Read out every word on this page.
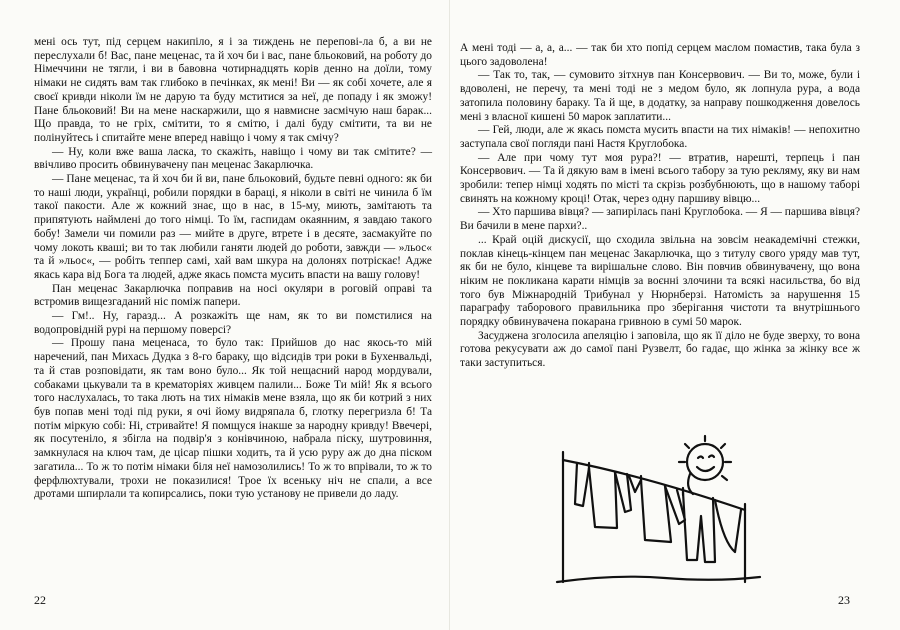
мені ось тут, під серцем накипіло, я і за тиждень не перепові-ла б, а ви не переслухали б! Вас, пане меценас, та й хоч би і вас, пане бльоковий, на роботу до Німеччини не тягли, і ви в бавовна чотирнадцять корів денно на доїли, тому німаки не сидять вам так глибоко в печінках, як мені! Ви — як собі хочете, але я своєї кривди ніколи їм не дарую та буду мститися за неї, де попаду і як зможу! Пане бльоковий! Ви на мене наскаржили, що я навмисне засмічую наш барак... Що правда, то не гріх, смітити, то я смітю, і далі буду смітити, та ви не полінуйтесь і спитайте мене вперед навіщо і чому я так смічу?

— Ну, коли вже ваша ласка, то скажіть, навіщо і чому ви так смітите? — ввічливо просить обвинувачену пан меценас Закарлючка.

— Пане меценас, та й хоч би й ви, пане бльоковий, будьте певні одного: як би то наші люди, українці, робили порядки в бараці, я ніколи в світі не чинила б їм такої пакости. Але ж кожний знає, що в нас, в 15-му, миють, замітають та припятують наймлені до того німці. То їм, гаспидам окаянним, я завдаю такого бобу! Замели чи помили раз — мийте в друге, втрете і в десяте, засмакуйте по чому локоть кваші; ви то так любили ганяти людей до роботи, завжди — »льос« та й »льос«, — робіть теппер самі, хай вам шкура на долонях потріскає! Адже якась кара від Бога та людей, адже якась помста мусить впасти на вашу голову!

Пан меценас Закарлючка поправив на носі окуляри в роговій оправі та встромив вищезгаданий ніс поміж папери.

— Гм!.. Ну, гаразд... А розкажіть ще нам, як то ви помстилися на водопровідній рурі на першому поверсі?

— Прошу пана меценаса, то було так: Прийшов до нас якось-то мій наречений, пан Михась Дудка з 8-го бараку, що відсидів три роки в Бухенвальді, та й став розповідати, як там воно було... Як той нещасний народ мордували, собаками цькували та в крематоріях живцем палили... Боже Ти мій! Як я всього того наслухалась, то така лють на тих німаків мене взяла, що як би котрий з них був попав мені тоді під руки, я очі йому видряпала б, глотку перегризла б! Та потім міркую собі: Ні, стривайте! Я помщуся інакше за народну кривду! Ввечері, як посутеніло, я збігла на подвір'я з конівчиною, набрала піску, шутровиння, замкнулася на ключ там, де цісар пішки ходить, та й усю руру аж до дна піском загатила... То ж то потім німаки біля неї намозолились! То ж то впрівали, то ж то ферфлюхтували, трохи не показилися! Трое їх всеньку ніч не спали, а все дротами шпирлали та копирсались, поки тую установу не привели до ладу.

22

А мені тоді — а, а, а... — так би хто попід серцем маслом помастив, така була з цього задоволена!

— Так то, так, — сумовито зітхнув пан Консервович. — Ви то, може, були і вдоволені, не перечу, та мені тоді не з медом було, як лопнула рура, а вода затопила половину бараку. Та й ще, в додатку, за направу пошкодження довелось мені з власної кишені 50 марок заплатити...

— Гей, люди, але ж якась помста мусить впасти на тих німаків! — непохитно заступала свої погляди пані Настя Круглобока.

— Але при чому тут моя рура?! — втратив, нарешті, терпець і пан Консервович. — Та й дякую вам в імені всього табору за тую рекляму, яку ви нам зробили: тепер німці ходять по місті та скрізь розбубнюють, що в нашому таборі свинять на кожному кроці! Отак, через одну паршиву вівцю...

— Хто паршива вівця? — запирілась пані Круглобока. — Я — паршива вівця? Ви бачили в мене пархи?..

... Край оцій дискусії, що сходила звільна на зовсім неакадемічні стежки, поклав кінець-кінцем пан меценас Закарлючка, що з титулу свого уряду мав тут, як би не було, кінцеве та вирішальне слово. Він повчив обвинувачену, що вона ніким не покликана карати німців за воєнні злочини та всякі насильства, бо від того був Міжнародній Трибунал у Нюрнберзі. Натомість за нарушення 15 параграфу таборового правильника про зберігання чистоти та внутрішнього порядку обвинувачена покарана гривною в сумі 50 марок.

Засуджена зголосила апеляцію і заповіла, що як її діло не буде зверху, то вона готова рекусувати аж до самої пані Рузвелт, бо гадає, що жінка за жінку все ж таки заступиться.

23
